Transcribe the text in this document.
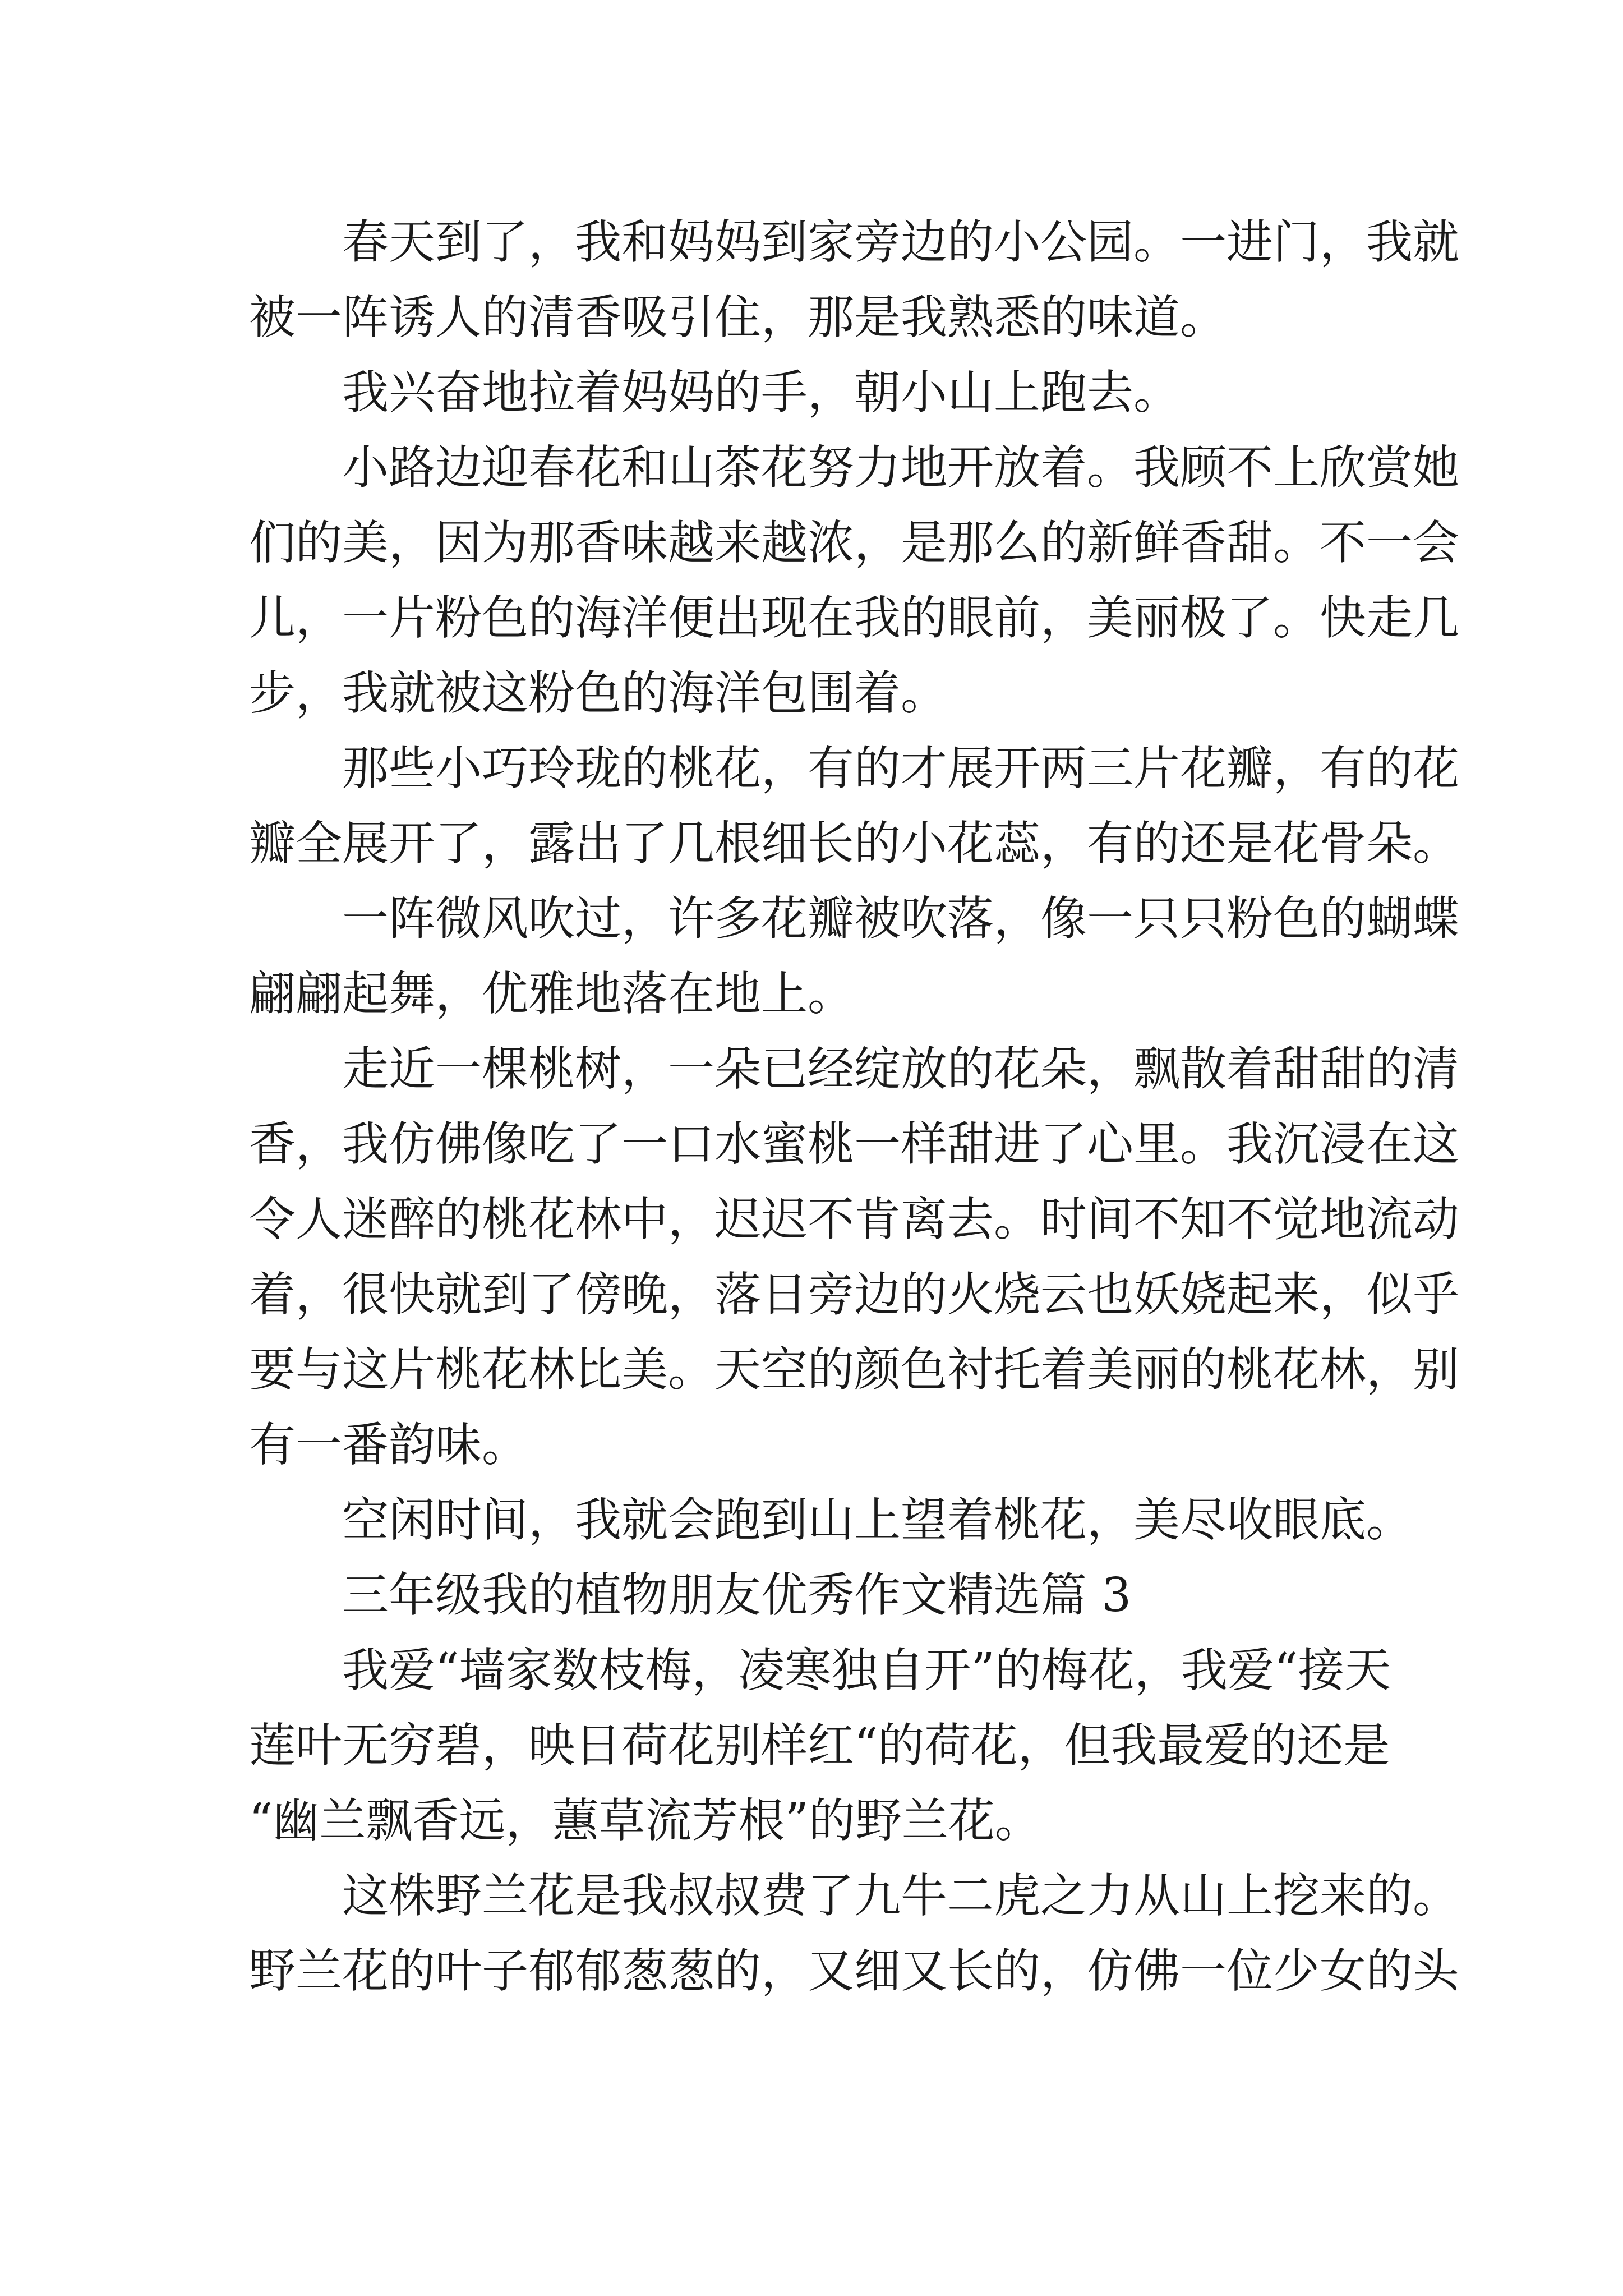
春天到了，我和妈妈到家旁边的小公园。一进门，我就
被一阵诱人的清香吸引住，那是我熟悉的味道。
我兴奋地拉着妈妈的手，朝小山上跑去。
小路边迎春花和山茶花努力地开放着。我顾不上欣赏她
们的美，因为那香味越来越浓，是那么的新鲜香甜。不一会
儿，一片粉色的海洋便出现在我的眼前，美丽极了。快走几
步，我就被这粉色的海洋包围着。
那些小巧玲珑的桃花，有的才展开两三片花瓣，有的花
瓣全展开了，露出了几根细长的小花蕊，有的还是花骨朵。
一阵微风吹过，许多花瓣被吹落，像一只只粉色的蝴蝶
翩翩起舞，优雅地落在地上。
走近一棵桃树，一朵已经绽放的花朵，飘散着甜甜的清
香，我仿佛像吃了一口水蜜桃一样甜进了心里。我沉浸在这
令人迷醉的桃花林中，迟迟不肯离去。时间不知不觉地流动
着，很快就到了傍晚，落日旁边的火烧云也妖娆起来，似乎
要与这片桃花林比美。天空的颜色衬托着美丽的桃花林，别
有一番韵味。
空闲时间，我就会跑到山上望着桃花，美尽收眼底。
三年级我的植物朋友优秀作文精选篇 3
我爱“墙家数枝梅，凌寒独自开”的梅花，我爱“接天
莲叶无穷碧，映日荷花别样红“的荷花，但我最爱的还是
“幽兰飘香远，蕙草流芳根”的野兰花。
这株野兰花是我叔叔费了九牛二虎之力从山上挖来的。
野兰花的叶子郁郁葱葱的，又细又长的，仿佛一位少女的头
